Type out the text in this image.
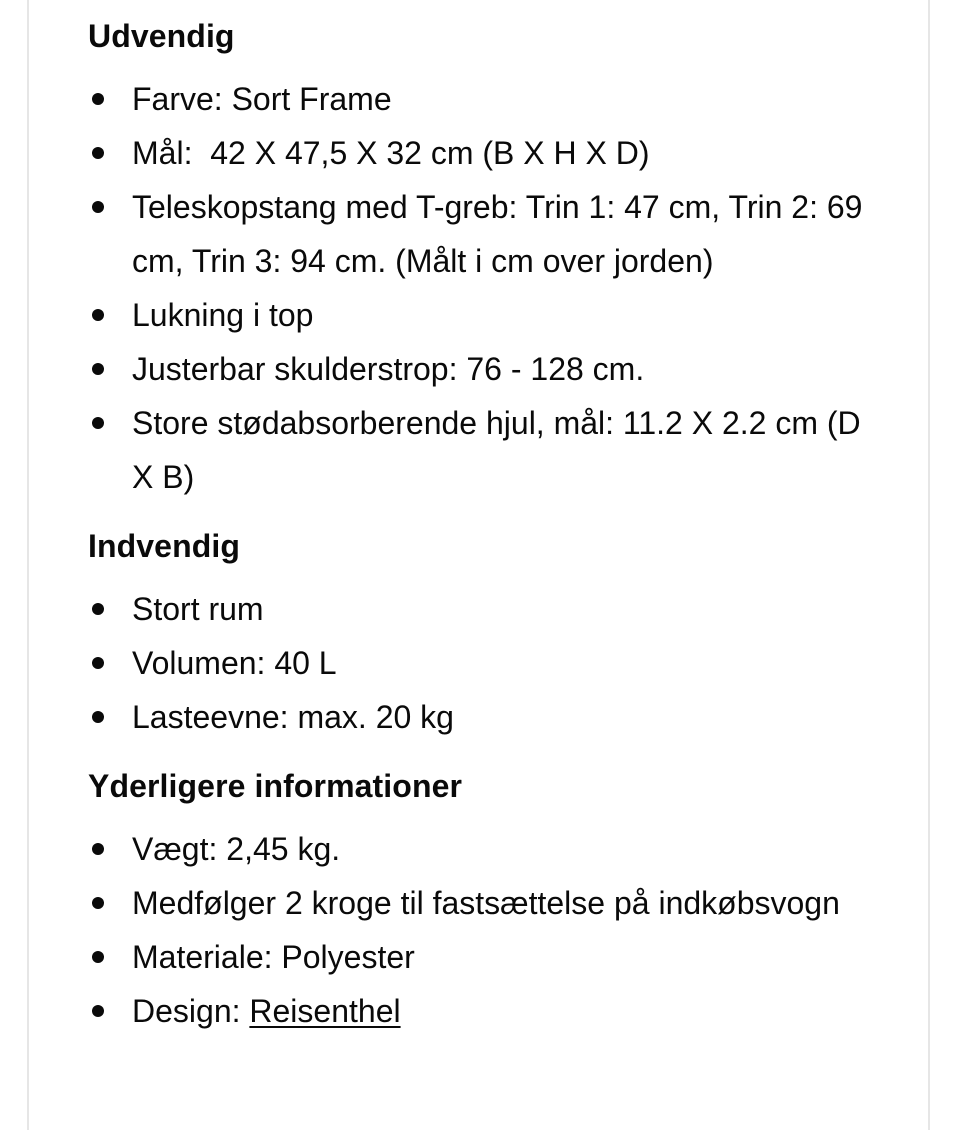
Udvendig
Farve: Sort Frame
Mål:  42 X 47,5 X 32 cm (B X H X D)
Teleskopstang med T-greb: Trin 1: 47 cm, Trin 2: 69 cm, Trin 3: 94 cm. (Målt i cm over jorden)
Lukning i top
Justerbar skulderstrop: 76 - 128 cm.
Store stødabsorberende hjul, mål: 11.2 X 2.2 cm (D X B)
Indvendig
Stort rum
Volumen: 40 L
Lasteevne: max. 20 kg
Yderligere informationer
Vægt: 2,45 kg.
Medfølger 2 kroge til fastsættelse på indkøbsvogn
Materiale: Polyester
Design: Reisenthel
